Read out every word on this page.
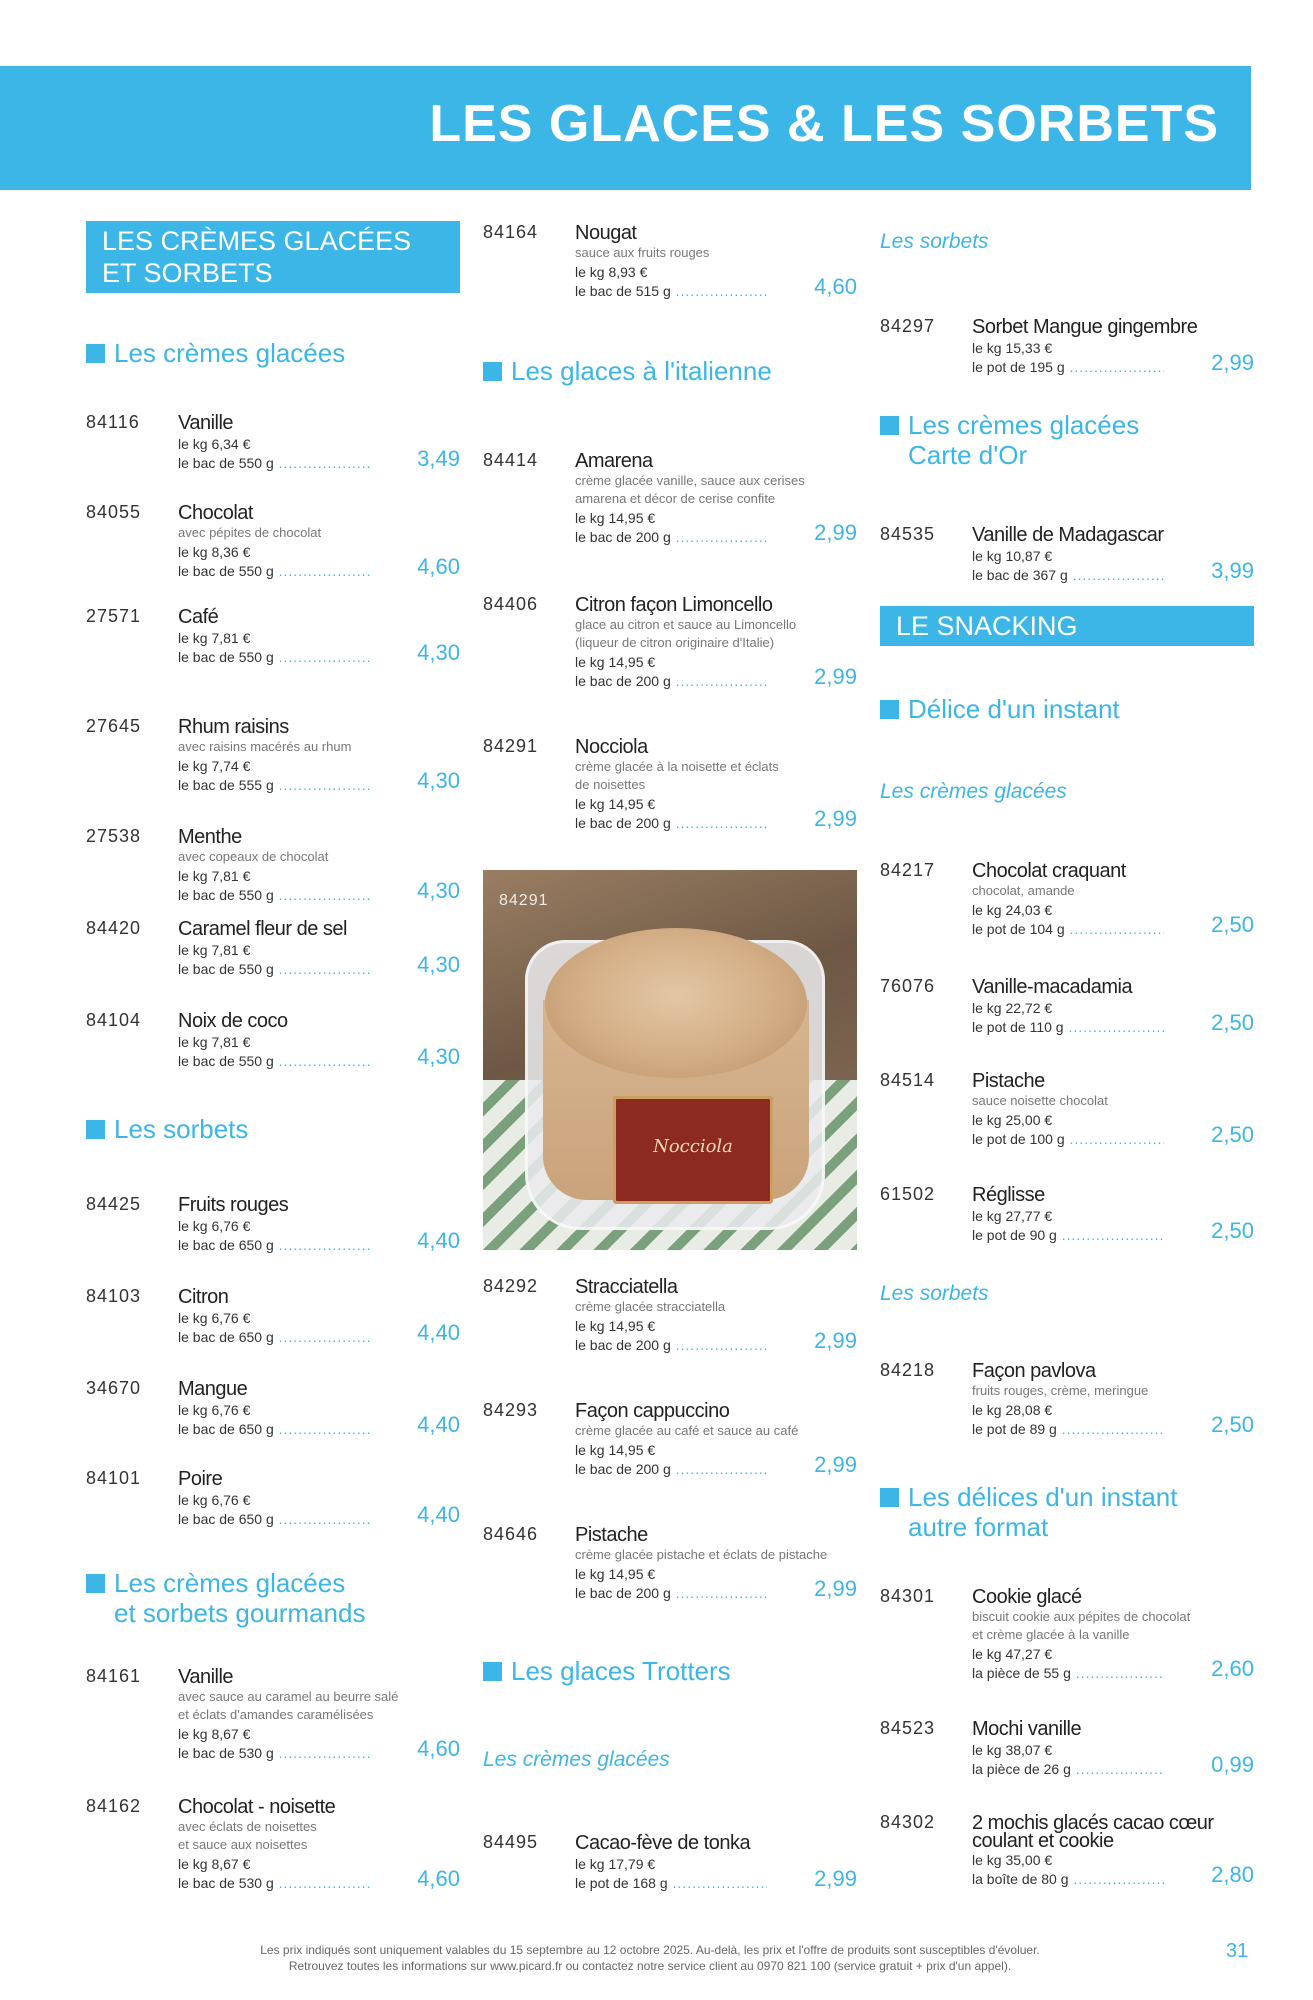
LES GLACES & LES SORBETS
LES CRÈMES GLACÉES
ET SORBETS
Les crèmes glacées
84116 Vanille
le kg 6,34 €
le bac de 550 g .....	3,49
84055 Chocolat
avec pépites de chocolat
le kg 8,36 €
le bac de 550 g .....	4,60
27571 Café
le kg 7,81 €
le bac de 550 g .....	4,30
27645 Rhum raisins
avec raisins macérés au rhum
le kg 7,74 €
le bac de 555 g .....	4,30
27538 Menthe
avec copeaux de chocolat
le kg 7,81 €
le bac de 550 g .....	4,30
84420 Caramel fleur de sel
le kg 7,81 €
le bac de 550 g .....	4,30
84104 Noix de coco
le kg 7,81 €
le bac de 550 g .....	4,30
Les sorbets
84425 Fruits rouges
le kg 6,76 €
le bac de 650 g .....	4,40
84103 Citron
le kg 6,76 €
le bac de 650 g .....	4,40
34670 Mangue
le kg 6,76 €
le bac de 650 g .....	4,40
84101 Poire
le kg 6,76 €
le bac de 650 g .....	4,40
Les crèmes glacées
et sorbets gourmands
84161 Vanille
avec sauce au caramel au beurre salé
et éclats d'amandes caramélisées
le kg 8,67 €
le bac de 530 g .....	4,60
84162 Chocolat - noisette
avec éclats de noisettes
et sauce aux noisettes
le kg 8,67 €
le bac de 530 g .....	4,60
84164 Nougat
sauce aux fruits rouges
le kg 8,93 €
le bac de 515 g .....	4,60
Les glaces à l'italienne
84414 Amarena
crème glacée vanille, sauce aux cerises
amarena et décor de cerise confite
le kg 14,95 €
le bac de 200 g .....	2,99
84406 Citron façon Limoncello
glace au citron et sauce au Limoncello
(liqueur de citron originaire d'Italie)
le kg 14,95 €
le bac de 200 g .....	2,99
84291 Nocciola
crème glacée à la noisette et éclats
de noisettes
le kg 14,95 €
le bac de 200 g .....	2,99
84292 Stracciatella
crème glacée stracciatella
le kg 14,95 €
le bac de 200 g .....	2,99
84293 Façon cappuccino
crème glacée au café et sauce au café
le kg 14,95 €
le bac de 200 g .....	2,99
84646 Pistache
crème glacée pistache et éclats de pistache
le kg 14,95 €
le bac de 200 g .....	2,99
Les glaces Trotters
Les crèmes glacées
84495 Cacao-fève de tonka
le kg 17,79 €
le pot de 168 g .....	2,99
Les sorbets
84297 Sorbet Mangue gingembre
le kg 15,33 €
le pot de 195 g .....	2,99
Les crèmes glacées
Carte d'Or
84535 Vanille de Madagascar
le kg 10,87 €
le bac de 367 g .....	3,99
LE SNACKING
Délice d'un instant
Les crèmes glacées
84217 Chocolat craquant
chocolat, amande
le kg 24,03 €
le pot de 104 g .....	2,50
76076 Vanille-macadamia
le kg 22,72 €
le pot de 110 g .....	2,50
84514 Pistache
sauce noisette chocolat
le kg 25,00 €
le pot de 100 g .....	2,50
61502 Réglisse
le kg 27,77 €
le pot de 90 g .....	2,50
Les sorbets
84218 Façon pavlova
fruits rouges, crème, meringue
le kg 28,08 €
le pot de 89 g .....	2,50
Les délices d'un instant
autre format
84301 Cookie glacé
biscuit cookie aux pépites de chocolat
et crème glacée à la vanille
le kg 47,27 €
la pièce de 55 g .....	2,60
84523 Mochi vanille
le kg 38,07 €
la pièce de 26 g .....	0,99
84302 2 mochis glacés cacao cœur
coulant et cookie
le kg 35,00 €
la boîte de 80 g .....	2,80
Nocciola
84291
Les prix indiqués sont uniquement valables du 15 septembre au 12 octobre 2025. Au-delà, les prix et l'offre de produits sont susceptibles d'évoluer.
Retrouvez toutes les informations sur www.picard.fr ou contactez notre service client au 0970 821 100 (service gratuit + prix d'un appel).
31
